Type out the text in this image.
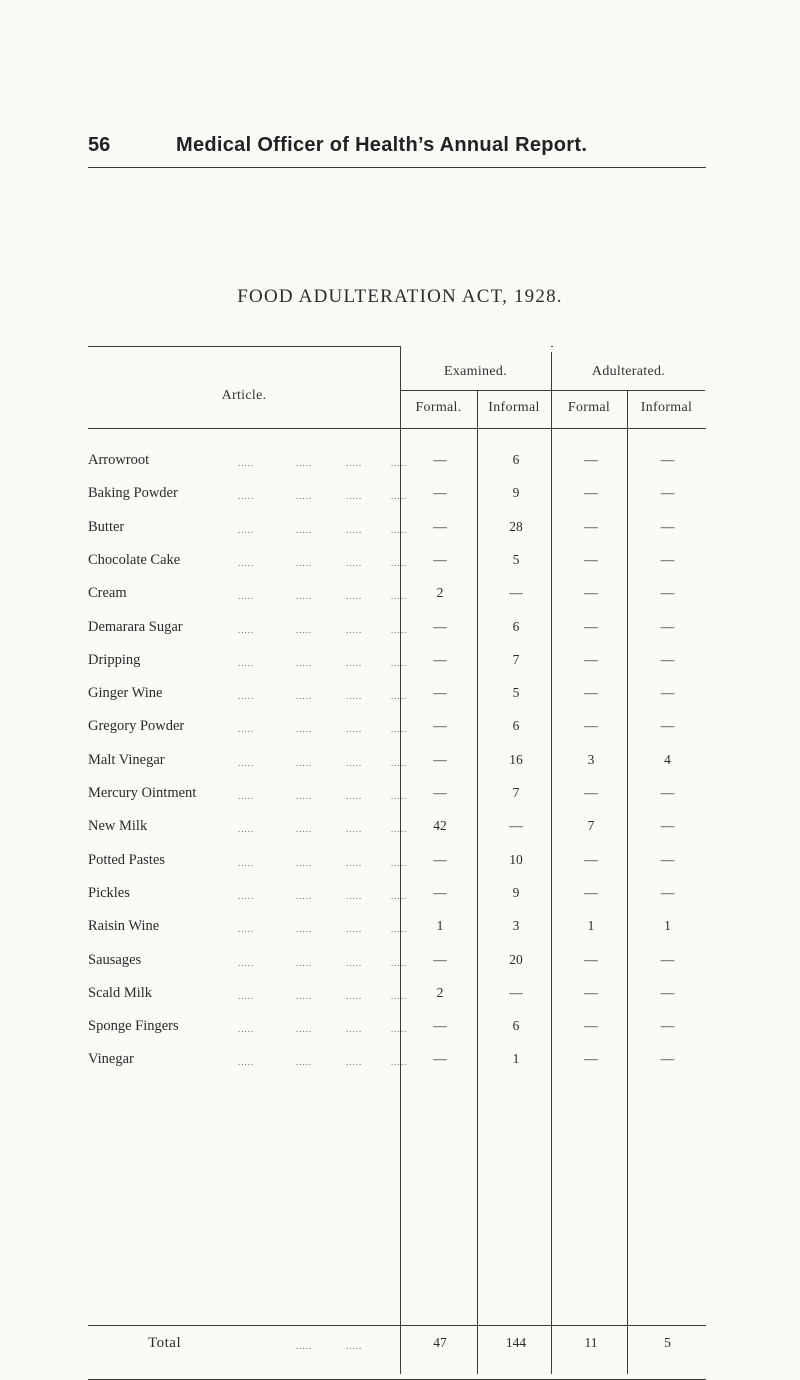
56	Medical Officer of Health’s Annual Report.
FOOD ADULTERATION ACT, 1928.
Article.
Examined.	Adulterated.
Formal.	Informal	Formal	Informal
Arrowroot	.....	.....	.....	.....	—	6	—	—
Baking Powder	.....	.....	.....	.....	—	9	—	—
Butter	.....	.....	.....	.....	—	28	—	—
Chocolate Cake	.....	.....	.....	.....	—	5	—	—
Cream	.....	.....	.....	.....	2	—	—	—
Demarara Sugar	.....	.....	.....	.....	—	6	—	—
Dripping	.....	.....	.....	.....	—	7	—	—
Ginger Wine	.....	.....	.....	.....	—	5	—	—
Gregory Powder	.....	.....	.....	.....	—	6	—	—
Malt Vinegar	.....	.....	.....	.....	—	16	3	4
Mercury Ointment	.....	.....	.....	.....	—	7	—	—
New Milk	.....	.....	.....	.....	42	—	7	—
Potted Pastes	.....	.....	.....	.....	—	10	—	—
Pickles	.....	.....	.....	.....	—	9	—	—
Raisin Wine	.....	.....	.....	.....	1	3	1	1
Sausages	.....	.....	.....	.....	—	20	—	—
Scald Milk	.....	.....	.....	.....	2	—	—	—
Sponge Fingers	.....	.....	.....	.....	—	6	—	—
Vinegar	.....	.....	.....	.....	—	1	—	—
Total	.....	.....	47	144	11	5
